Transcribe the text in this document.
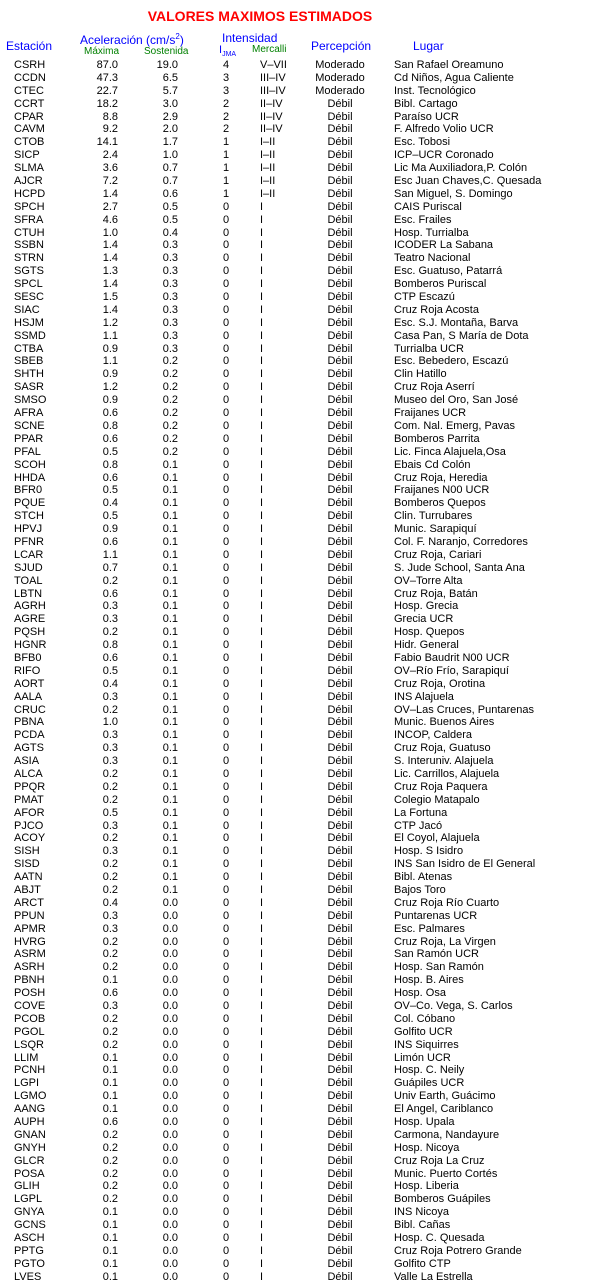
VALORES MAXIMOS ESTIMADOS
Estación Aceleración $(cm/s^2)$
Máxima Sostenida
Intensidad
$I_{JMA}$ Mercalli Percepción	Lugar
CSRH	87.0	19.0	4	V–VII	Moderado	San Rafael Oreamuno
CCDN	47.3	6.5	3	III–IV	Moderado	Cd Niños, Agua Caliente
CTEC	22.7	5.7	3	III–IV	Moderado	Inst. Tecnológico
CCRT	18.2	3.0	2	II–IV	Débil	Bibl. Cartago
CPAR	8.8	2.9	2	II–IV	Débil	Paraíso UCR
CAVM	9.2	2.0	2	II–IV	Débil	F. Alfredo Volio UCR
CTOB	14.1	1.7	1	I–II	Débil	Esc. Tobosi
SICP	2.4	1.0	1	I–II	Débil	ICP–UCR Coronado
SLMA	3.6	0.7	1	I–II	Débil	Lic Ma Auxiliadora,P. Colón
AJCR	7.2	0.7	1	I–II	Débil	Esc Juan Chaves,C. Quesada
HCPD	1.4	0.6	1	I–II	Débil	San Miguel, S. Domingo
SPCH	2.7	0.5	0	I	Débil	CAIS Puriscal
SFRA	4.6	0.5	0	I	Débil	Esc. Frailes
CTUH	1.0	0.4	0	I	Débil	Hosp. Turrialba
SSBN	1.4	0.3	0	I	Débil	ICODER La Sabana
STRN	1.4	0.3	0	I	Débil	Teatro Nacional
SGTS	1.3	0.3	0	I	Débil	Esc. Guatuso, Patarrá
SPCL	1.4	0.3	0	I	Débil	Bomberos Puriscal
SESC	1.5	0.3	0	I	Débil	CTP Escazú
SIAC	1.4	0.3	0	I	Débil	Cruz Roja Acosta
HSJM	1.2	0.3	0	I	Débil	Esc. S.J. Montaña, Barva
SSMD	1.1	0.3	0	I	Débil	Casa Pan, S María de Dota
CTBA	0.9	0.3	0	I	Débil	Turrialba UCR
SBEB	1.1	0.2	0	I	Débil	Esc. Bebedero, Escazú
SHTH	0.9	0.2	0	I	Débil	Clin Hatillo
SASR	1.2	0.2	0	I	Débil	Cruz Roja Aserrí
SMSO	0.9	0.2	0	I	Débil	Museo del Oro, San José
AFRA	0.6	0.2	0	I	Débil	Fraijanes UCR
SCNE	0.8	0.2	0	I	Débil	Com. Nal. Emerg, Pavas
PPAR	0.6	0.2	0	I	Débil	Bomberos Parrita
PFAL	0.5	0.2	0	I	Débil	Lic. Finca Alajuela,Osa
SCOH	0.8	0.1	0	I	Débil	Ebais Cd Colón
HHDA	0.6	0.1	0	I	Débil	Cruz Roja, Heredia
BFR0	0.5	0.1	0	I	Débil	Fraijanes N00 UCR
PQUE	0.4	0.1	0	I	Débil	Bomberos Quepos
STCH	0.5	0.1	0	I	Débil	Clin. Turrubares
HPVJ	0.9	0.1	0	I	Débil	Munic. Sarapiquí
PFNR	0.6	0.1	0	I	Débil	Col. F. Naranjo, Corredores
LCAR	1.1	0.1	0	I	Débil	Cruz Roja, Cariari
SJUD	0.7	0.1	0	I	Débil	S. Jude School, Santa Ana
TOAL	0.2	0.1	0	I	Débil	OV–Torre Alta
LBTN	0.6	0.1	0	I	Débil	Cruz Roja, Batán
AGRH	0.3	0.1	0	I	Débil	Hosp. Grecia
AGRE	0.3	0.1	0	I	Débil	Grecia UCR
PQSH	0.2	0.1	0	I	Débil	Hosp. Quepos
HGNR	0.8	0.1	0	I	Débil	Hidr. General
BFB0	0.6	0.1	0	I	Débil	Fabio Baudrit N00 UCR
RIFO	0.5	0.1	0	I	Débil	OV–Río Frío, Sarapiquí
AORT	0.4	0.1	0	I	Débil	Cruz Roja, Orotina
AALA	0.3	0.1	0	I	Débil	INS Alajuela
CRUC	0.2	0.1	0	I	Débil	OV–Las Cruces, Puntarenas
PBNA	1.0	0.1	0	I	Débil	Munic. Buenos Aires
PCDA	0.3	0.1	0	I	Débil	INCOP, Caldera
AGTS	0.3	0.1	0	I	Débil	Cruz Roja, Guatuso
ASIA	0.3	0.1	0	I	Débil	S. Interuniv. Alajuela
ALCA	0.2	0.1	0	I	Débil	Lic. Carrillos, Alajuela
PPQR	0.2	0.1	0	I	Débil	Cruz Roja Paquera
PMAT	0.2	0.1	0	I	Débil	Colegio Matapalo
AFOR	0.5	0.1	0	I	Débil	La Fortuna
PJCO	0.3	0.1	0	I	Débil	CTP Jacó
ACOY	0.2	0.1	0	I	Débil	El Coyol, Alajuela
SISH	0.3	0.1	0	I	Débil	Hosp. S Isidro
SISD	0.2	0.1	0	I	Débil	INS San Isidro de El General
AATN	0.2	0.1	0	I	Débil	Bibl. Atenas
ABJT	0.2	0.1	0	I	Débil	Bajos Toro
ARCT	0.4	0.0	0	I	Débil	Cruz Roja Río Cuarto
PPUN	0.3	0.0	0	I	Débil	Puntarenas UCR
APMR	0.3	0.0	0	I	Débil	Esc. Palmares
HVRG	0.2	0.0	0	I	Débil	Cruz Roja, La Virgen
ASRM	0.2	0.0	0	I	Débil	San Ramón UCR
ASRH	0.2	0.0	0	I	Débil	Hosp. San Ramón
PBNH	0.1	0.0	0	I	Débil	Hosp. B. Aires
POSH	0.6	0.0	0	I	Débil	Hosp. Osa
COVE	0.3	0.0	0	I	Débil	OV–Co. Vega, S. Carlos
PCOB	0.2	0.0	0	I	Débil	Col. Cóbano
PGOL	0.2	0.0	0	I	Débil	Golfito UCR
LSQR	0.2	0.0	0	I	Débil	INS Siquirres
LLIM	0.1	0.0	0	I	Débil	Limón UCR
PCNH	0.1	0.0	0	I	Débil	Hosp. C. Neily
LGPI	0.1	0.0	0	I	Débil	Guápiles UCR
LGMO	0.1	0.0	0	I	Débil	Univ Earth, Guácimo
AANG	0.1	0.0	0	I	Débil	El Angel, Cariblanco
AUPH	0.6	0.0	0	I	Débil	Hosp. Upala
GNAN	0.2	0.0	0	I	Débil	Carmona, Nandayure
GNYH	0.2	0.0	0	I	Débil	Hosp. Nicoya
GLCR	0.2	0.0	0	I	Débil	Cruz Roja La Cruz
POSA	0.2	0.0	0	I	Débil	Munic. Puerto Cortés
GLIH	0.2	0.0	0	I	Débil	Hosp. Liberia
LGPL	0.2	0.0	0	I	Débil	Bomberos Guápiles
GNYA	0.1	0.0	0	I	Débil	INS Nicoya
GCNS	0.1	0.0	0	I	Débil	Bibl. Cañas
ASCH	0.1	0.0	0	I	Débil	Hosp. C. Quesada
PPTG	0.1	0.0	0	I	Débil	Cruz Roja Potrero Grande
PGTO	0.1	0.0	0	I	Débil	Golfito CTP
LVES	0.1	0.0	0	I	Débil	Valle La Estrella
